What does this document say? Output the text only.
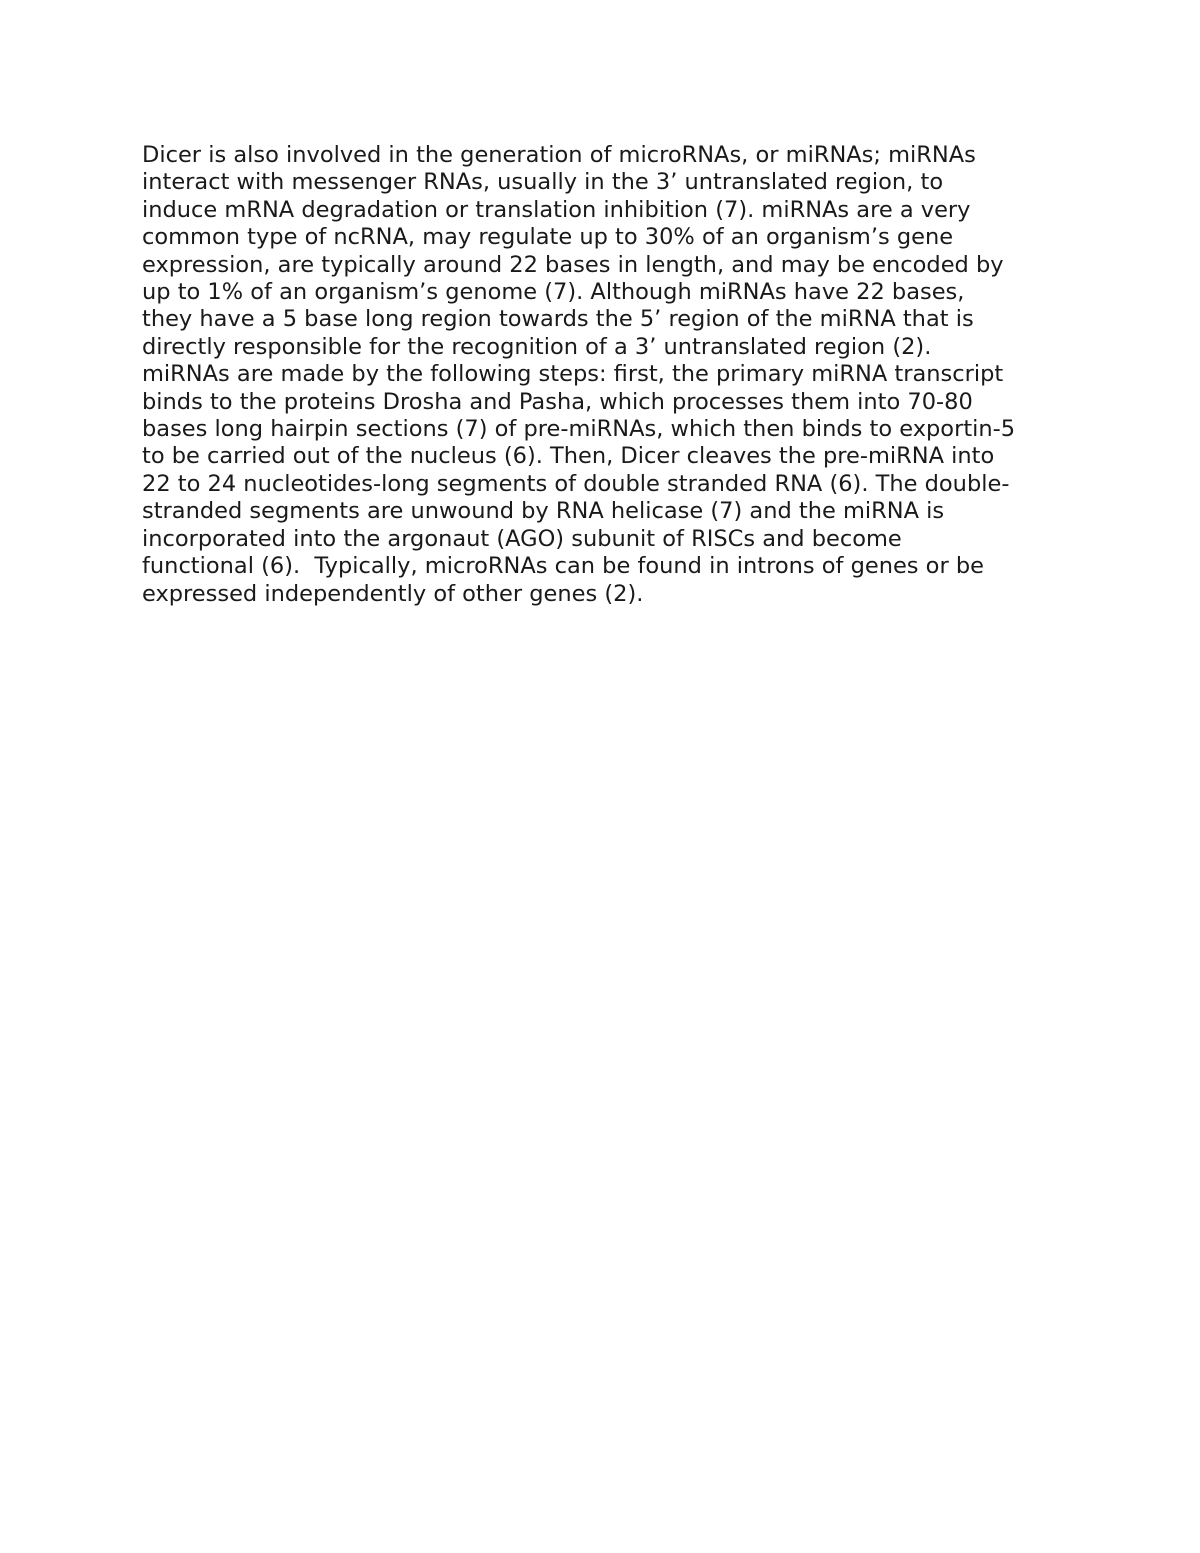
Dicer is also involved in the generation of microRNAs, or miRNAs; miRNAs
interact with messenger RNAs, usually in the 3’ untranslated region, to
induce mRNA degradation or translation inhibition (7). miRNAs are a very
common type of ncRNA, may regulate up to 30% of an organism’s gene
expression, are typically around 22 bases in length, and may be encoded by
up to 1% of an organism’s genome (7). Although miRNAs have 22 bases,
they have a 5 base long region towards the 5’ region of the miRNA that is
directly responsible for the recognition of a 3’ untranslated region (2).
miRNAs are made by the following steps: first, the primary miRNA transcript
binds to the proteins Drosha and Pasha, which processes them into 70-80
bases long hairpin sections (7) of pre-miRNAs, which then binds to exportin-5
to be carried out of the nucleus (6). Then, Dicer cleaves the pre-miRNA into
22 to 24 nucleotides-long segments of double stranded RNA (6). The double-
stranded segments are unwound by RNA helicase (7) and the miRNA is
incorporated into the argonaut (AGO) subunit of RISCs and become
functional (6).  Typically, microRNAs can be found in introns of genes or be
expressed independently of other genes (2).
